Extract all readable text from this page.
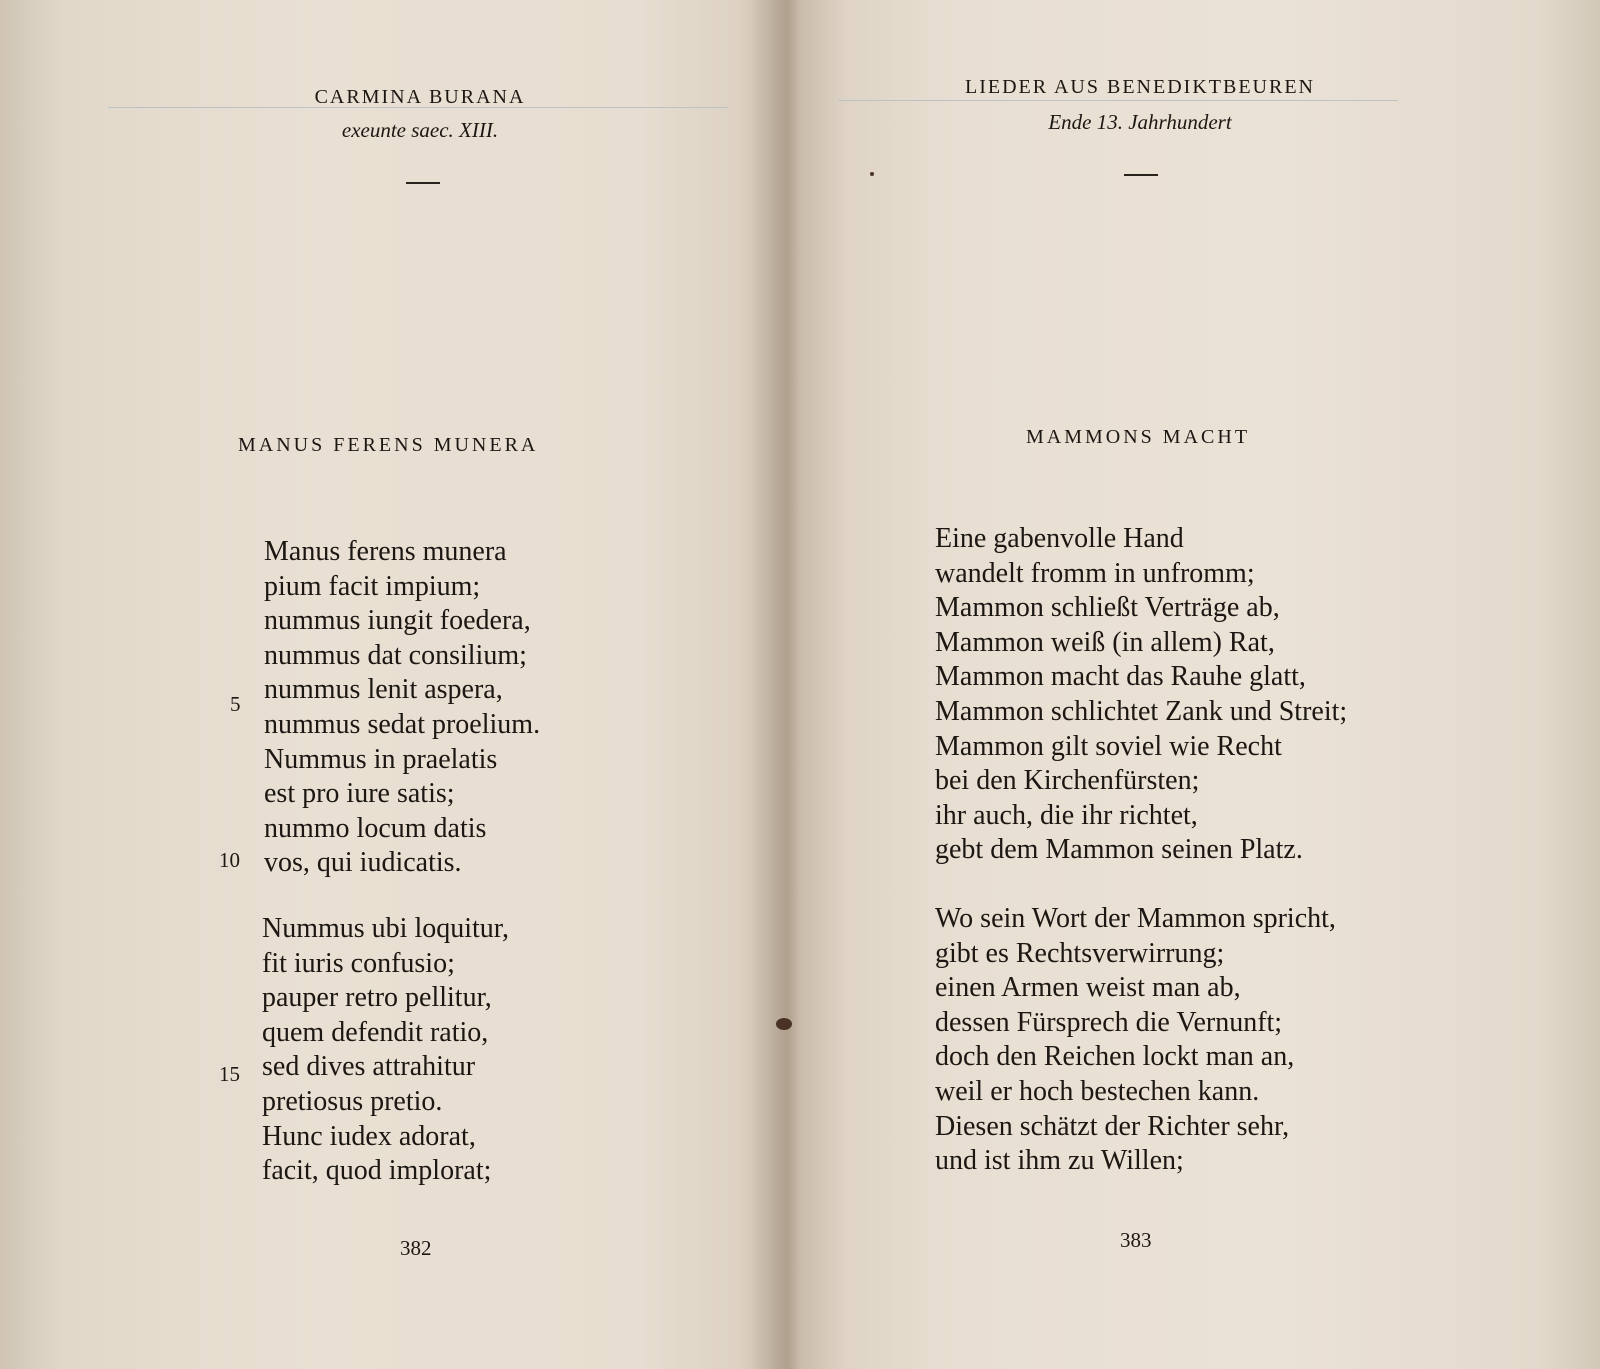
CARMINA BURANA
exeunte saec. XIII.
MANUS FERENS MUNERA
Manus ferens munera
pium facit impium;
nummus iungit foedera,
nummus dat consilium;
nummus lenit aspera,
nummus sedat proelium.
Nummus in praelatis
est pro iure satis;
nummo locum datis
vos, qui iudicatis.
Nummus ubi loquitur,
fit iuris confusio;
pauper retro pellitur,
quem defendit ratio,
sed dives attrahitur
pretiosus pretio.
Hunc iudex adorat,
facit, quod implorat;
5
10
15
382
LIEDER AUS BENEDIKTBEUREN
Ende 13. Jahrhundert
MAMMONS MACHT
Eine gabenvolle Hand
wandelt fromm in unfromm;
Mammon schließt Verträge ab,
Mammon weiß (in allem) Rat,
Mammon macht das Rauhe glatt,
Mammon schlichtet Zank und Streit;
Mammon gilt soviel wie Recht
bei den Kirchenfürsten;
ihr auch, die ihr richtet,
gebt dem Mammon seinen Platz.
Wo sein Wort der Mammon spricht,
gibt es Rechtsverwirrung;
einen Armen weist man ab,
dessen Fürsprech die Vernunft;
doch den Reichen lockt man an,
weil er hoch bestechen kann.
Diesen schätzt der Richter sehr,
und ist ihm zu Willen;
383
